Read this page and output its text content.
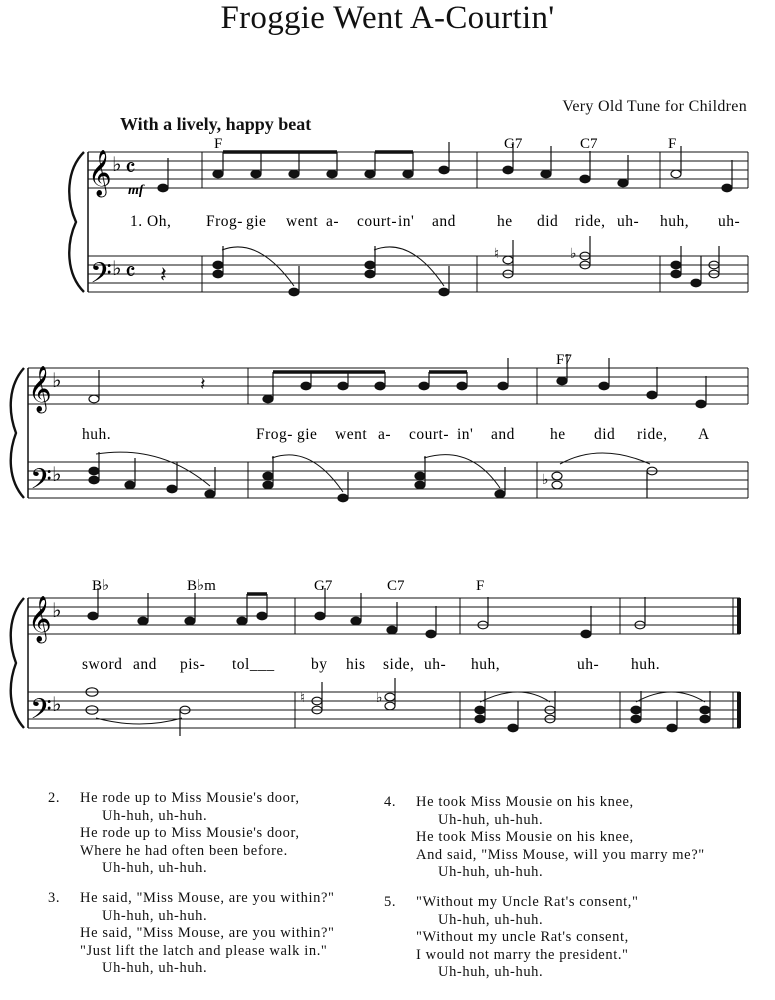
Froggie Went A-Courtin'
Very Old Tune for Children
With a lively, happy beat
𝄞
𝄢
♭
♭
𝄴
𝄴
mf
𝄽
♮	♭
F	G7	C7	F
1. Oh, Frog- gie went a- court- in' and	he did ride, uh- huh, uh-
𝄞
𝄢
♭
♭
𝄽
♭
F7
huh.	Frog- gie went a- court- in' and he did ride, A
𝄞
𝄢
♭
♭	♮	♭
B♭	B♭m	G7	C7	F
sword and pis- tol___ by his side, uh- huh,	uh- huh.
2. He rode up to Miss Mousie's door,
Uh-huh, uh-huh.
He rode up to Miss Mousie's door,
Where he had often been before.
Uh-huh, uh-huh.
3. He said, "Miss Mouse, are you within?"
Uh-huh, uh-huh.
He said, "Miss Mouse, are you within?"
"Just lift the latch and please walk in."
Uh-huh, uh-huh.
4. He took Miss Mousie on his knee,
Uh-huh, uh-huh.
He took Miss Mousie on his knee,
And said, "Miss Mouse, will you marry me?"
Uh-huh, uh-huh.
5. "Without my Uncle Rat's consent,"
Uh-huh, uh-huh.
"Without my uncle Rat's consent,
I would not marry the president."
Uh-huh, uh-huh.
